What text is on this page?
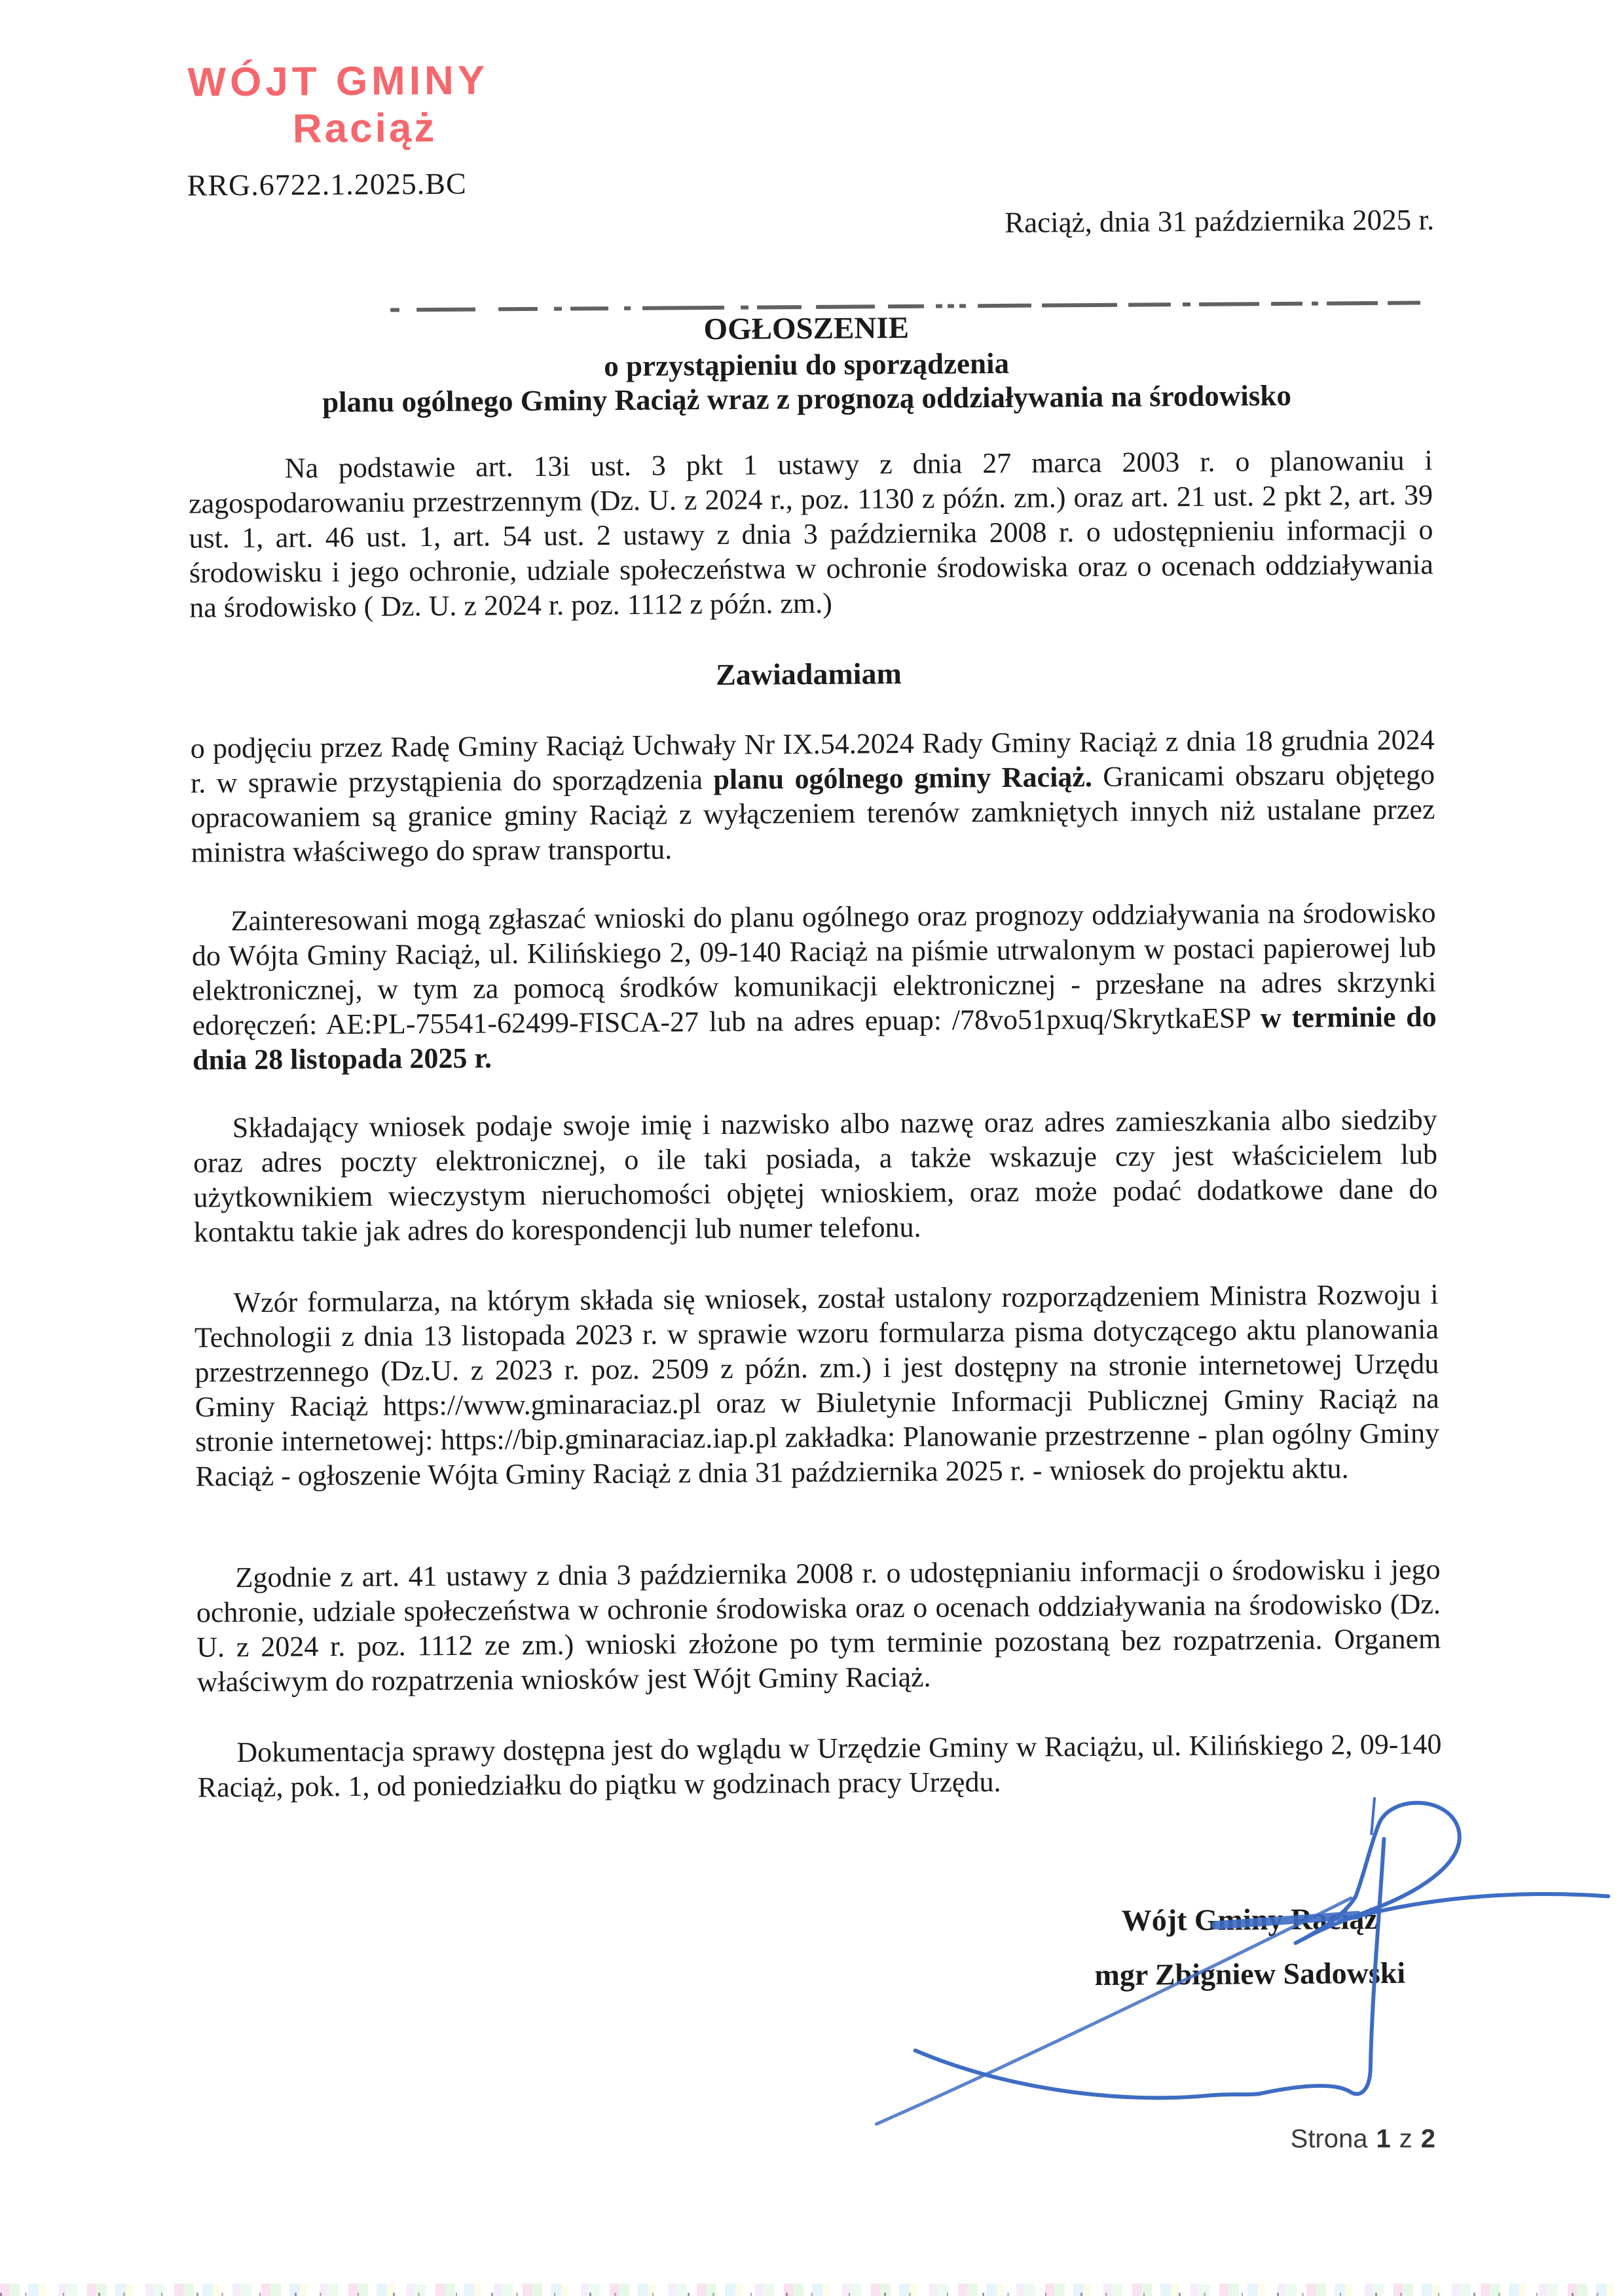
WÓJT GMINY
Raciąż
RRG.6722.1.2025.BC
Raciąż, dnia 31 października 2025 r.
OGŁOSZENIE
o przystąpieniu do sporządzenia
planu ogólnego Gminy Raciąż wraz z prognozą oddziaływania na środowisko
Na podstawie art. 13i ust. 3 pkt 1 ustawy z dnia 27 marca 2003 r. o planowaniu i zagospodarowaniu przestrzennym (Dz. U. z 2024 r., poz. 1130 z późn. zm.) oraz art. 21 ust. 2 pkt 2, art. 39 ust. 1, art. 46 ust. 1, art. 54 ust. 2 ustawy z dnia 3 października 2008 r. o udostępnieniu informacji o środowisku i jego ochronie, udziale społeczeństwa w ochronie środowiska oraz o ocenach oddziaływania na środowisko ( Dz. U. z 2024 r. poz. 1112 z późn. zm.)
Zawiadamiam
o podjęciu przez Radę Gminy Raciąż Uchwały Nr IX.54.2024 Rady Gminy Raciąż z dnia 18 grudnia 2024 r. w sprawie przystąpienia do sporządzenia planu ogólnego gminy Raciąż. Granicami obszaru objętego opracowaniem są granice gminy Raciąż z wyłączeniem terenów zamkniętych innych niż ustalane przez ministra właściwego do spraw transportu.
Zainteresowani mogą zgłaszać wnioski do planu ogólnego oraz prognozy oddziaływania na środowisko do Wójta Gminy Raciąż, ul. Kilińskiego 2, 09-140 Raciąż na piśmie utrwalonym w postaci papierowej lub elektronicznej, w tym za pomocą środków komunikacji elektronicznej - przesłane na adres skrzynki edoręczeń: AE:PL-75541-62499-FISCA-27 lub na adres epuap: /78vo51pxuq/SkrytkaESP w terminie do dnia 28 listopada 2025 r.
Składający wniosek podaje swoje imię i nazwisko albo nazwę oraz adres zamieszkania albo siedziby oraz adres poczty elektronicznej, o ile taki posiada, a także wskazuje czy jest właścicielem lub użytkownikiem wieczystym nieruchomości objętej wnioskiem, oraz może podać dodatkowe dane do kontaktu takie jak adres do korespondencji lub numer telefonu.
Wzór formularza, na którym składa się wniosek, został ustalony rozporządzeniem Ministra Rozwoju i Technologii z dnia 13 listopada 2023 r. w sprawie wzoru formularza pisma dotyczącego aktu planowania przestrzennego (Dz.U. z 2023 r. poz. 2509 z późn. zm.) i jest dostępny na stronie internetowej Urzędu Gminy Raciąż https://www.gminaraciaz.pl oraz w Biuletynie Informacji Publicznej Gminy Raciąż na stronie internetowej: https://bip.gminaraciaz.iap.pl zakładka: Planowanie przestrzenne - plan ogólny Gminy Raciąż - ogłoszenie Wójta Gminy Raciąż z dnia 31 października 2025 r. - wniosek do projektu aktu.
Zgodnie z art. 41 ustawy z dnia 3 października 2008 r. o udostępnianiu informacji o środowisku i jego ochronie, udziale społeczeństwa w ochronie środowiska oraz o ocenach oddziaływania na środowisko (Dz. U. z 2024 r. poz. 1112 ze zm.) wnioski złożone po tym terminie pozostaną bez rozpatrzenia. Organem właściwym do rozpatrzenia wniosków jest Wójt Gminy Raciąż.
Dokumentacja sprawy dostępna jest do wglądu w Urzędzie Gminy w Raciążu, ul. Kilińskiego 2, 09-140 Raciąż, pok. 1, od poniedziałku do piątku w godzinach pracy Urzędu.
Wójt Gminy Raciąż
mgr Zbigniew Sadowski
Strona 1 z 2
